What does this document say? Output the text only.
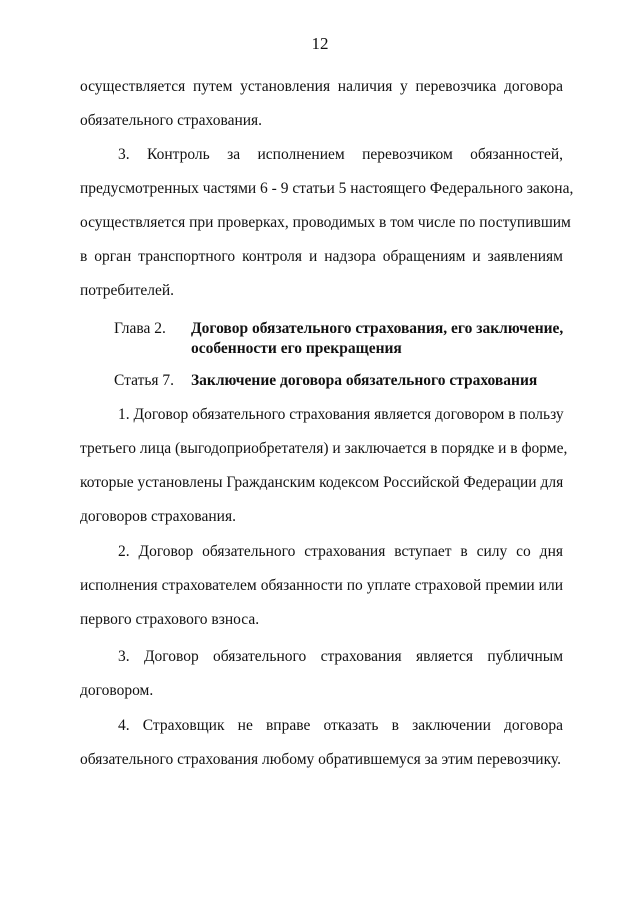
12
осуществляется путем установления наличия у перевозчика договора
обязательного страхования.
3. Контроль за исполнением перевозчиком обязанностей,
предусмотренных частями 6 - 9 статьи 5 настоящего Федерального закона,
осуществляется при проверках, проводимых в том числе по поступившим
в орган транспортного контроля и надзора обращениям и заявлениям
потребителей.
Глава 2. Договор обязательного страхования, его заключение,
особенности его прекращения
Статья 7. Заключение договора обязательного страхования
1. Договор обязательного страхования является договором в пользу
третьего лица (выгодоприобретателя) и заключается в порядке и в форме,
которые установлены Гражданским кодексом Российской Федерации для
договоров страхования.
2. Договор обязательного страхования вступает в силу со дня
исполнения страхователем обязанности по уплате страховой премии или
первого страхового взноса.
3. Договор обязательного страхования является публичным
договором.
4. Страховщик не вправе отказать в заключении договора
обязательного страхования любому обратившемуся за этим перевозчику.
